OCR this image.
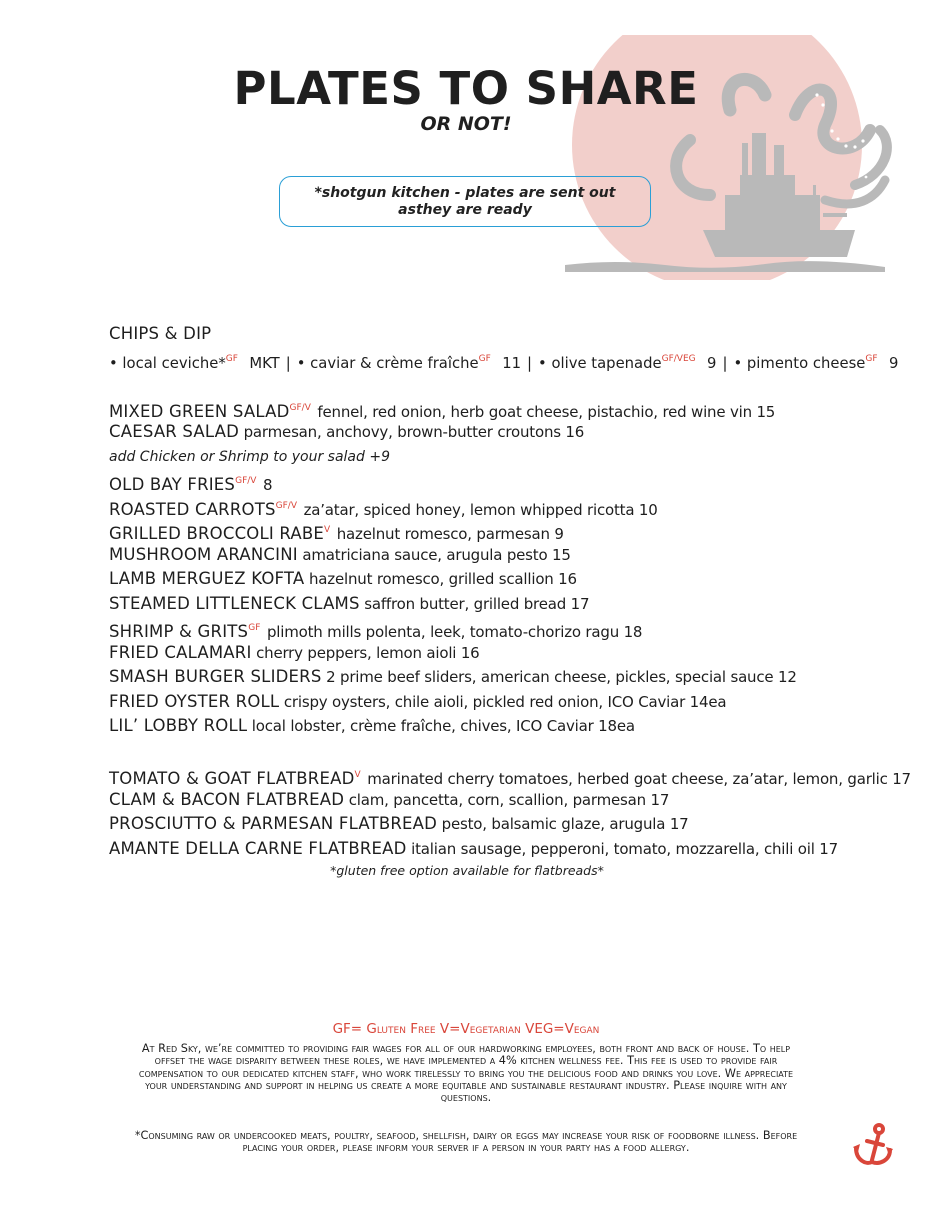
PLATES TO SHARE
OR NOT!
*shotgun kitchen - plates are sent out
asthey are ready
CHIPS & DIP
• local ceviche*$^{GF}$ MKT | • caviar & crème fraîche$^{GF}$ 11 | • olive tapenade$^{GF/VEG}$ 9 | • pimento cheese$^{GF}$ 9
MIXED GREEN $SALAD^{GF/V}$ fennel, red onion, herb goat cheese, pistachio, red wine vin 15
CAESAR SALAD parmesan, anchovy, brown-butter croutons 16
add Chicken or Shrimp to your salad +9
OLD BAY $FRIES^{GF/V}$ 8
ROASTED $CARROTS^{GF/V}$ za’atar, spiced honey, lemon whipped ricotta 10
GRILLED BROCCOLI $RABE^V$ hazelnut romesco, parmesan 9
MUSHROOM ARANCINI amatriciana sauce, arugula pesto 15
LAMB MERGUEZ KOFTA hazelnut romesco, grilled scallion 16
STEAMED LITTLENECK CLAMS saffron butter, grilled bread 17
SHRIMP & $GRITS^{GF}$ plimoth mills polenta, leek, tomato-chorizo ragu 18
FRIED CALAMARI cherry peppers, lemon aioli 16
SMASH BURGER SLIDERS 2 prime beef sliders, american cheese, pickles, special sauce 12
FRIED OYSTER ROLL crispy oysters, chile aioli, pickled red onion, ICO Caviar 14ea
LIL’ LOBBY ROLL local lobster, crème fraîche, chives, ICO Caviar 18ea
TOMATO & GOAT $FLATBREAD^V$ marinated cherry tomatoes, herbed goat cheese, za’atar, lemon, garlic 17
CLAM & BACON FLATBREAD clam, pancetta, corn, scallion, parmesan 17
PROSCIUTTO & PARMESAN FLATBREAD pesto, balsamic glaze, arugula 17
AMANTE DELLA CARNE FLATBREAD italian sausage, pepperoni, tomato, mozzarella, chili oil 17
*gluten free option available for flatbreads*
GF= Gluten Free V=Vegetarian VEG=Vegan
At Red Sky, we’re committed to providing fair wages for all of our hardworking employees, both front and back of house. To help offset the wage disparity between these roles, we have implemented a 4% kitchen wellness fee. This fee is used to provide fair compensation to our dedicated kitchen staff, who work tirelessly to bring you the delicious food and drinks you love. We appreciate your understanding and support in helping us create a more equitable and sustainable restaurant industry. Please inquire with any questions.
*Consuming raw or undercooked meats, poultry, seafood, shellfish, dairy or eggs may increase your risk of foodborne illness. Before placing your order, please inform your server if a person in your party has a food allergy.
